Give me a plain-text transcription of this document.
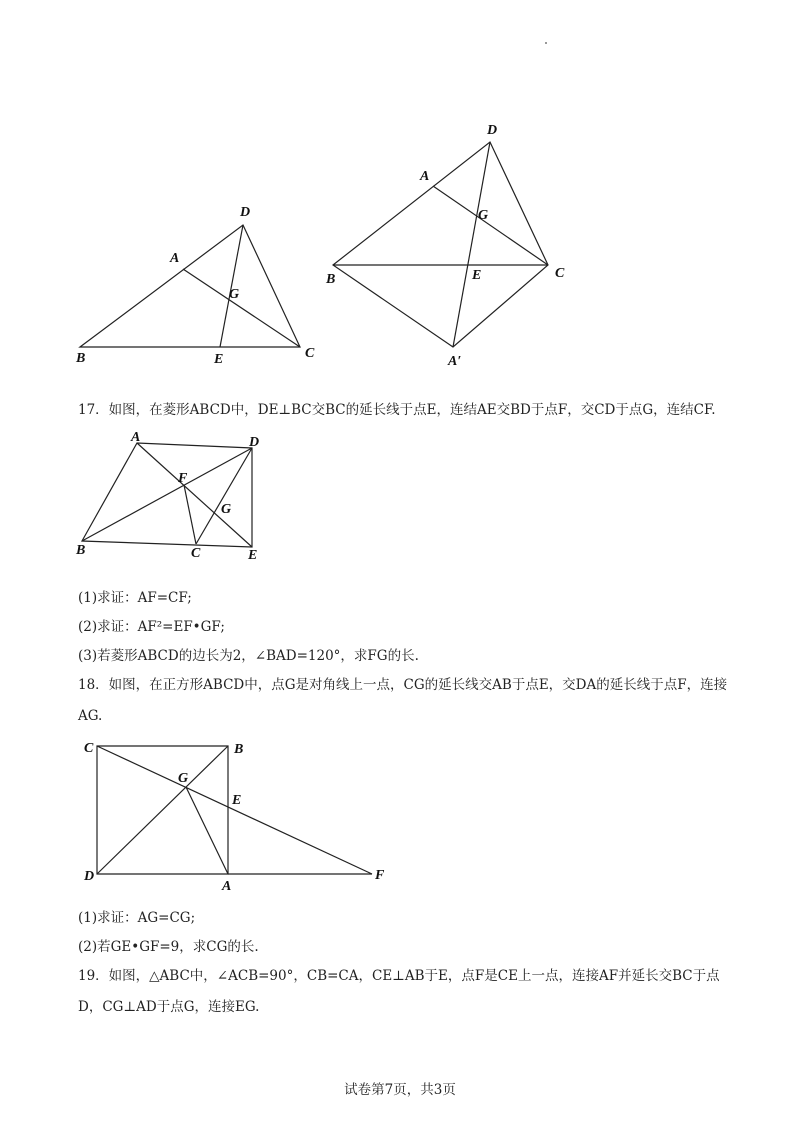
D
A
G
B	E	C
D
A
G
B	E	C
A′
17．如图，在菱形ABCD中，DE⊥BC交BC的延长线于点E，连结AE交BD于点F，交CD于点G，连结CF.
A	D
F
G
B	C	E
(1)求证：AF=CF;
(2)求证：AF²=EF•GF;
(3)若菱形ABCD的边长为2，∠BAD=120°，求FG的长.
18．如图，在正方形ABCD中，点G是对角线上一点，CG的延长线交AB于点E，交DA的延长线于点F，连接AG.
C	B
G
E
D
A
F
(1)求证：AG=CG;
(2)若GE•GF=9，求CG的长.
19．如图，△ABC中，∠ACB=90°，CB=CA，CE⊥AB于E，点F是CE上一点，连接AF并延长交BC于点D，CG⊥AD于点G，连接EG.
试卷第7页，共3页
